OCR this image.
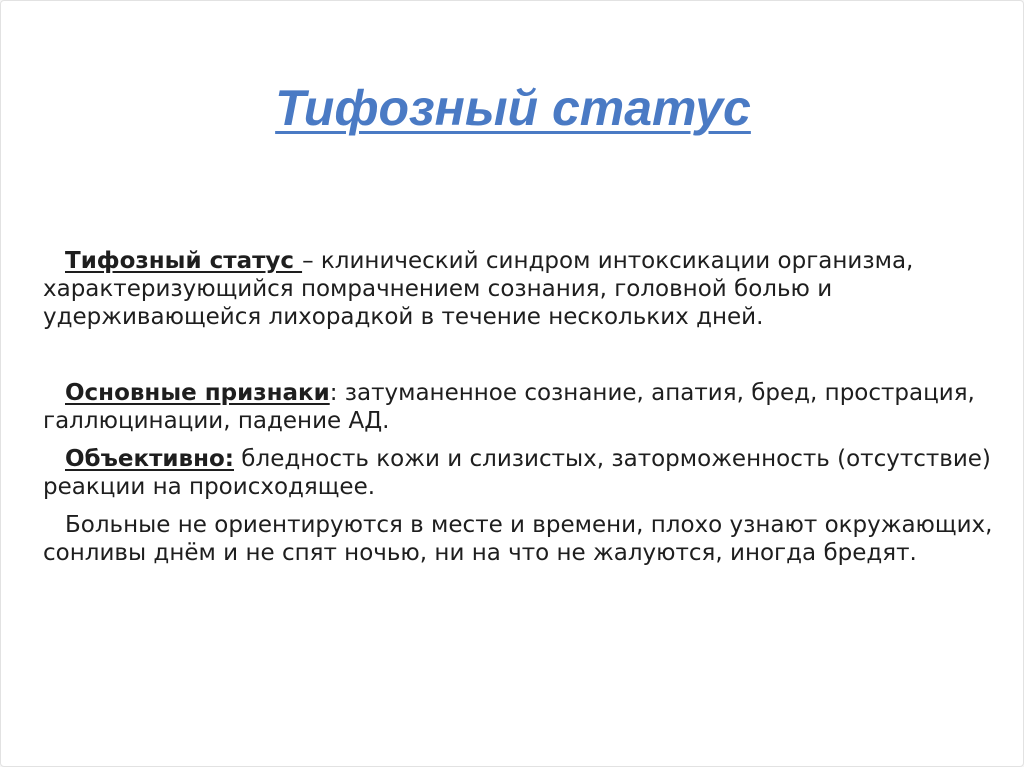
Тифозный статус

Тифозный статус – клинический синдром интоксикации организма, характеризующийся помрачнением сознания, головной болью и удерживающейся лихорадкой в течение нескольких дней.

Основные признаки: затуманенное сознание, апатия, бред, прострация, галлюцинации, падение АД.

Объективно: бледность кожи и слизистых, заторможенность (отсутствие) реакции на происходящее.

Больные не ориентируются в месте и времени, плохо узнают окружающих, сонливы днём и не спят ночью, ни на что не жалуются, иногда бредят.
